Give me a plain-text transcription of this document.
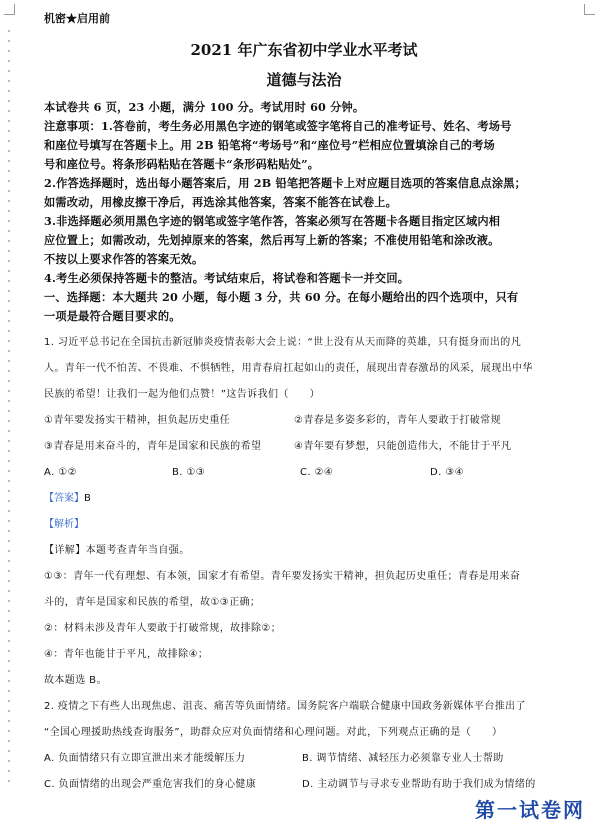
机密★启用前
2021 年广东省初中学业水平考试
道德与法治
本试卷共 6 页，23 小题，满分 100 分。考试用时 60 分钟。
注意事项：1.答卷前，考生务必用黑色字迹的钢笔或签字笔将自己的准考证号、姓名、考场号
和座位号填写在答题卡上。用 2B 铅笔将“考场号”和“座位号”栏相应位置填涂自己的考场
号和座位号。将条形码粘贴在答题卡“条形码粘贴处”。
2.作答选择题时，选出每小题答案后，用 2B 铅笔把答题卡上对应题目选项的答案信息点涂黑；
如需改动，用橡皮擦干净后，再选涂其他答案，答案不能答在试卷上。
3.非选择题必须用黑色字迹的钢笔或签字笔作答，答案必须写在答题卡各题目指定区域内相
应位置上；如需改动，先划掉原来的答案，然后再写上新的答案；不准使用铅笔和涂改液。
不按以上要求作答的答案无效。
4.考生必须保持答题卡的整洁。考试结束后，将试卷和答题卡一并交回。
一、选择题：本大题共 20 小题，每小题 3 分，共 60 分。在每小题给出的四个选项中，只有
一项是最符合题目要求的。
1. 习近平总书记在全国抗击新冠肺炎疫情表彰大会上说：“世上没有从天而降的英雄，只有挺身而出的凡
人。青年一代不怕苦、不畏难、不惧牺牲，用青春肩扛起如山的责任，展现出青春激昂的风采，展现出中华
民族的希望！让我们一起为他们点赞！”这告诉我们（　　）
①青年要发扬实干精神，担负起历史重任	②青春是多姿多彩的，青年人要敢于打破常规
③青春是用来奋斗的，青年是国家和民族的希望	④青年要有梦想，只能创造伟大，不能甘于平凡
A. ①②	B. ①③	C. ②④	D. ③④
【答案】B
【解析】
【详解】本题考查青年当自强。
①③：青年一代有理想、有本领，国家才有希望。青年要发扬实干精神，担负起历史重任；青春是用来奋
斗的，青年是国家和民族的希望，故①③正确；
②：材料未涉及青年人要敢于打破常规，故排除②；
④：青年也能甘于平凡，故排除④；
故本题选 B。
2. 疫情之下有些人出现焦虑、沮丧、痛苦等负面情绪。国务院客户端联合健康中国政务新媒体平台推出了
“全国心理援助热线查询服务”，助群众应对负面情绪和心理问题。对此，下列观点正确的是（　　）
A. 负面情绪只有立即宣泄出来才能缓解压力	B. 调节情绪、减轻压力必须靠专业人士帮助
C. 负面情绪的出现会严重危害我们的身心健康	D. 主动调节与寻求专业帮助有助于我们成为情绪的
第一试卷网
